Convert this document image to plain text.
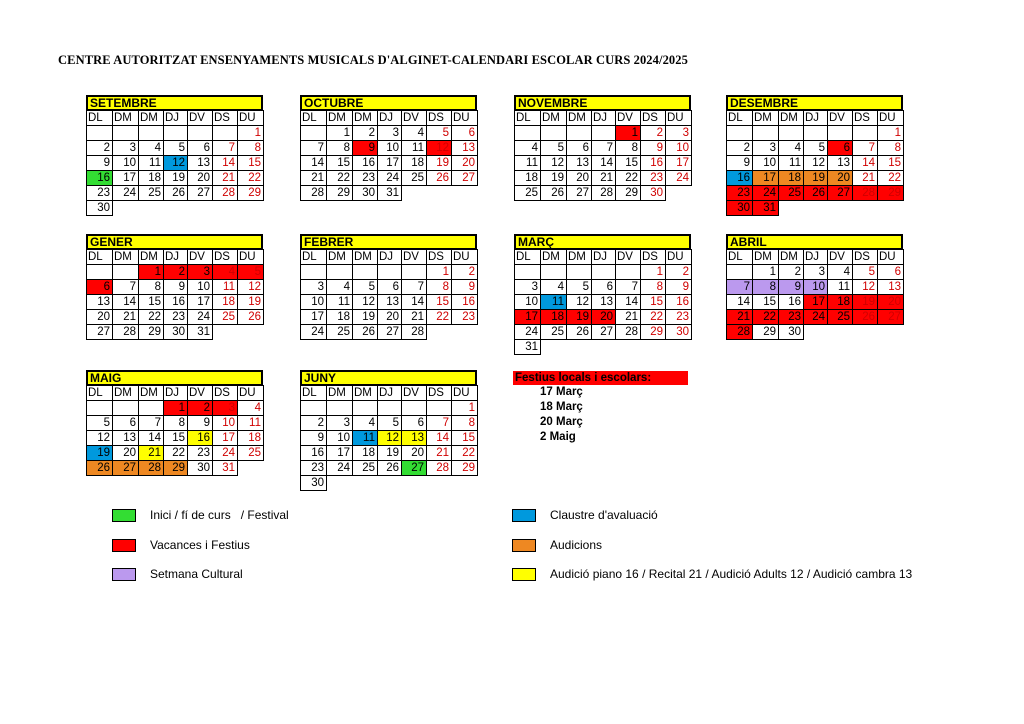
CENTRE AUTORITZAT ENSENYAMENTS MUSICALS D'ALGINET-CALENDARI ESCOLAR CURS 2024/2025
SETEMBRE
DL	DM	DM	DJ	DV	DS	DU
						1
2	3	4	5	6	7	8
9	10	11	12	13	14	15
16	17	18	19	20	21	22
23	24	25	26	27	28	29
30						
OCTUBRE
DL	DM	DM	DJ	DV	DS	DU
	1	2	3	4	5	6
7	8	9	10	11	12	13
14	15	16	17	18	19	20
21	22	23	24	25	26	27
28	29	30	31			
NOVEMBRE
DL	DM	DM	DJ	DV	DS	DU
				1	2	3
4	5	6	7	8	9	10
11	12	13	14	15	16	17
18	19	20	21	22	23	24
25	26	27	28	29	30	
DESEMBRE
DL	DM	DM	DJ	DV	DS	DU
						1
2	3	4	5	6	7	8
9	10	11	12	13	14	15
16	17	18	19	20	21	22
23	24	25	26	27	28	29
30	31					
GENER
DL	DM	DM	DJ	DV	DS	DU
		1	2	3	4	5
6	7	8	9	10	11	12
13	14	15	16	17	18	19
20	21	22	23	24	25	26
27	28	29	30	31		
FEBRER
DL	DM	DM	DJ	DV	DS	DU
					1	2
3	4	5	6	7	8	9
10	11	12	13	14	15	16
17	18	19	20	21	22	23
24	25	26	27	28		
MARÇ
DL	DM	DM	DJ	DV	DS	DU
					1	2
3	4	5	6	7	8	9
10	11	12	13	14	15	16
17	18	19	20	21	22	23
24	25	26	27	28	29	30
31						
ABRIL
DL	DM	DM	DJ	DV	DS	DU
	1	2	3	4	5	6
7	8	9	10	11	12	13
14	15	16	17	18	19	20
21	22	23	24	25	26	27
28	29	30				
MAIG
DL	DM	DM	DJ	DV	DS	DU
			1	2	3	4
5	6	7	8	9	10	11
12	13	14	15	16	17	18
19	20	21	22	23	24	25
26	27	28	29	30	31	
JUNY
DL	DM	DM	DJ	DV	DS	DU
						1
2	3	4	5	6	7	8
9	10	11	12	13	14	15
16	17	18	19	20	21	22
23	24	25	26	27	28	29
30						
Festius locals i escolars:
17 Març
18 Març
20 Març
2 Maig
Inici / fí de curs   / Festival
Vacances i Festius
Setmana Cultural
Claustre d'avaluació
Audicions
Audició piano 16 / Recital 21 / Audició Adults 12 / Audició cambra 13
